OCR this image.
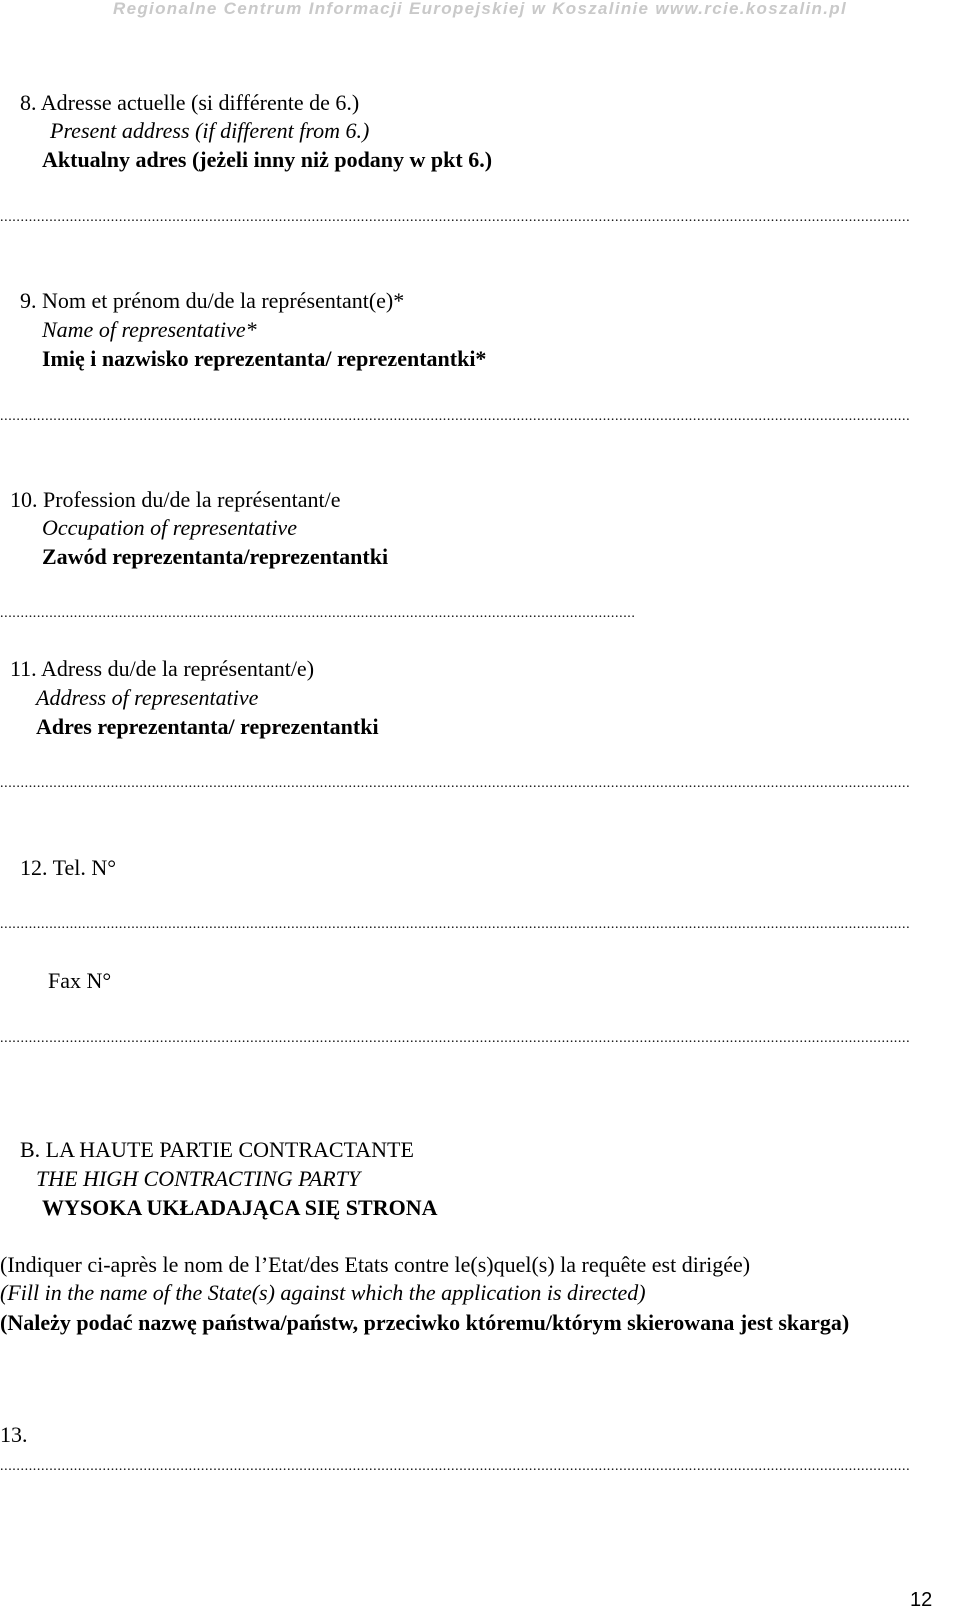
Regionalne Centrum Informacji Europejskiej w Koszalinie www.rcie.koszalin.pl
8. Adresse actuelle (si différente de 6.)
Present address (if different from 6.)
Aktualny adres (jeżeli inny niż podany w pkt 6.)
..............................................................................................................................................................................................................................
9. Nom et prénom du/de la représentant(e)*
Name of representative*
Imię i nazwisko reprezentanta/ reprezentantki*
..............................................................................................................................................................................................................................
10. Profession du/de la représentant/e
Occupation of representative
Zawód reprezentanta/reprezentantki
...........................................................................................................................................................
11. Adress du/de la représentant/e)
Address of representative
Adres reprezentanta/ reprezentantki
..............................................................................................................................................................................................................................
12. Tel. N°
..............................................................................................................................................................................................................................
Fax N°
..............................................................................................................................................................................................................................
B. LA HAUTE PARTIE CONTRACTANTE
THE HIGH CONTRACTING PARTY
WYSOKA UKŁADAJĄCA SIĘ STRONA
(Indiquer ci-après le nom de l’Etat/des Etats contre le(s)quel(s) la requête est dirigée)
(Fill in the name of the State(s) against which the application is directed)
(Należy podać nazwę państwa/państw, przeciwko któremu/którym skierowana jest skarga)
13.
..............................................................................................................................................................................................................................
12
